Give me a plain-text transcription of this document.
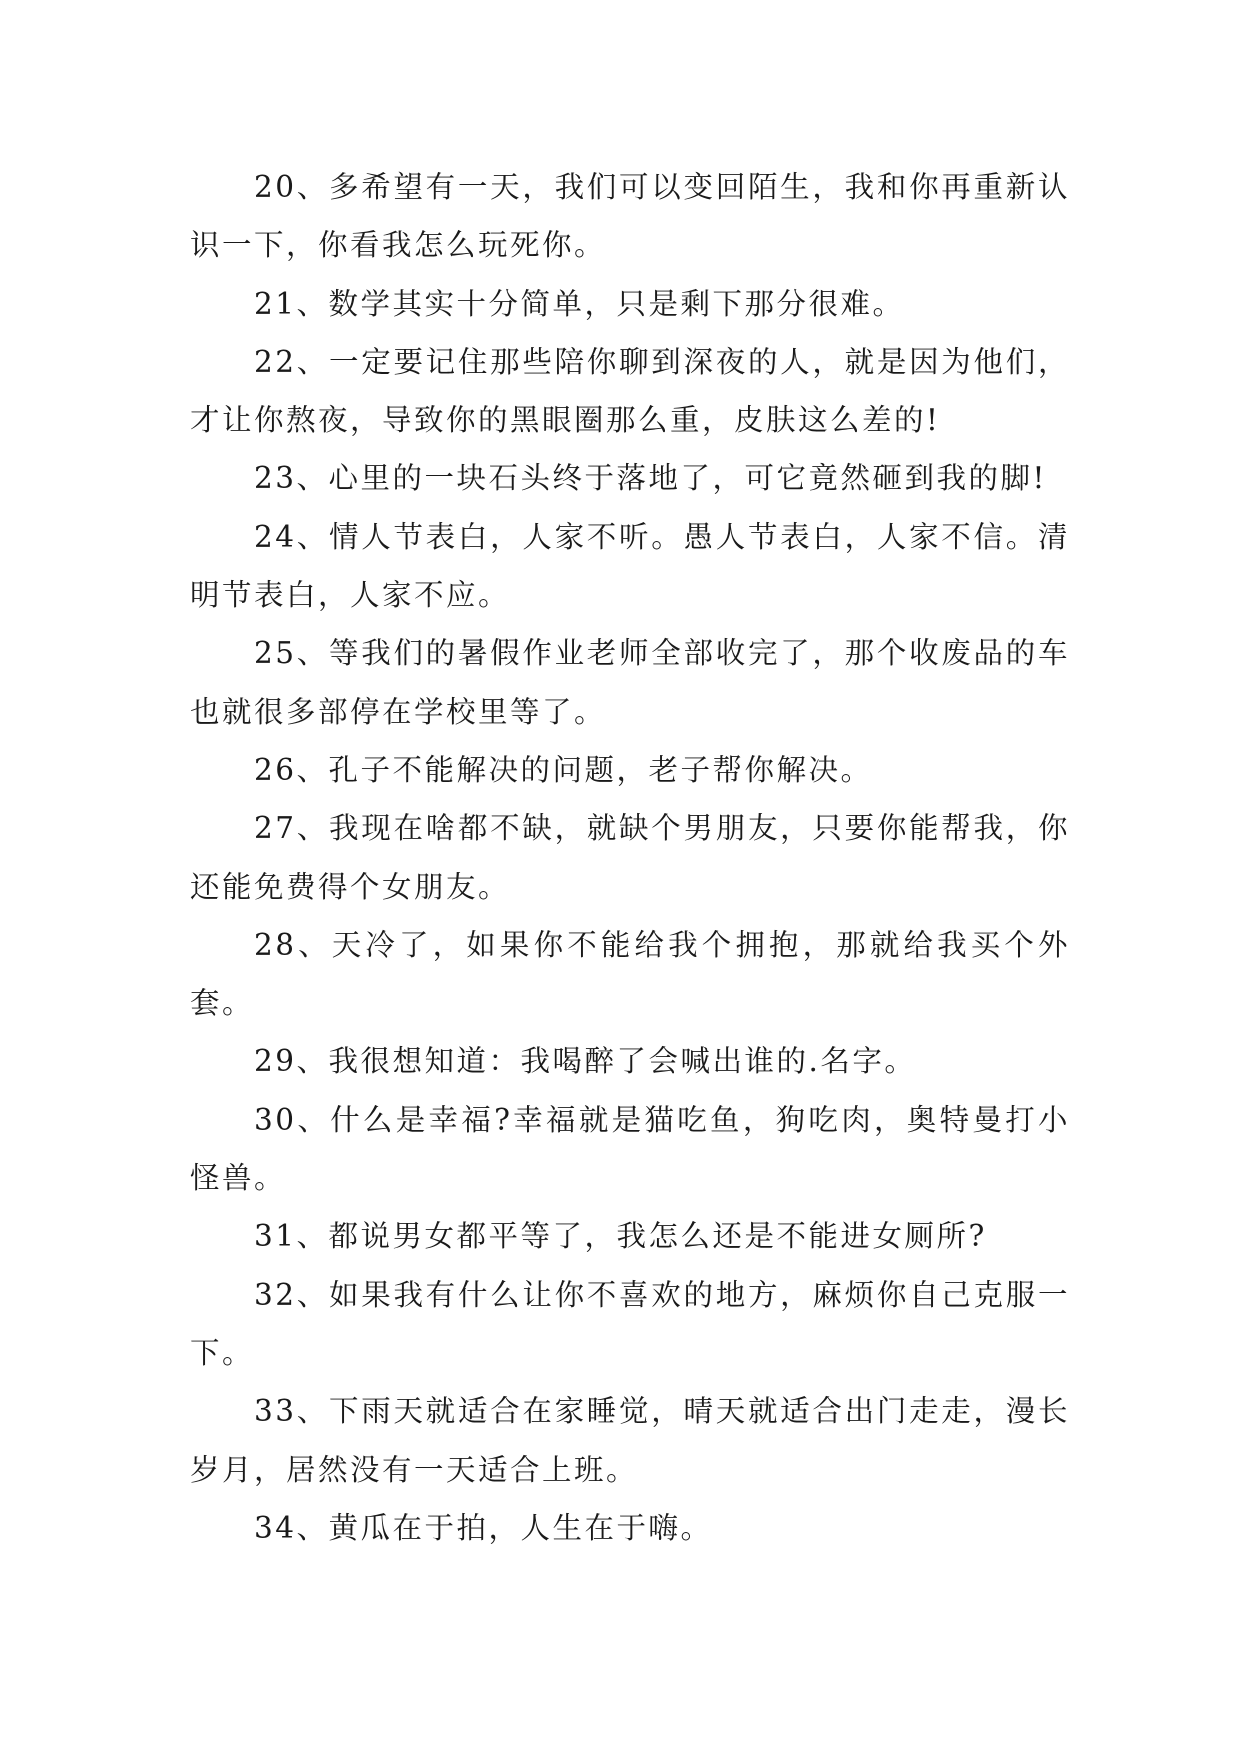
20、多希望有一天，我们可以变回陌生，我和你再重新认识一下，你看我怎么玩死你。

21、数学其实十分简单，只是剩下那分很难。

22、一定要记住那些陪你聊到深夜的人，就是因为他们，才让你熬夜，导致你的黑眼圈那么重，皮肤这么差的!

23、心里的一块石头终于落地了，可它竟然砸到我的脚!

24、情人节表白，人家不听。愚人节表白，人家不信。清明节表白，人家不应。

25、等我们的暑假作业老师全部收完了，那个收废品的车也就很多部停在学校里等了。

26、孔子不能解决的问题，老子帮你解决。

27、我现在啥都不缺，就缺个男朋友，只要你能帮我，你还能免费得个女朋友。

28、天冷了，如果你不能给我个拥抱，那就给我买个外套。

29、我很想知道：我喝醉了会喊出谁的.名字。

30、什么是幸福?幸福就是猫吃鱼，狗吃肉，奥特曼打小怪兽。

31、都说男女都平等了，我怎么还是不能进女厕所?

32、如果我有什么让你不喜欢的地方，麻烦你自己克服一下。

33、下雨天就适合在家睡觉，晴天就适合出门走走，漫长岁月，居然没有一天适合上班。

34、黄瓜在于拍，人生在于嗨。
